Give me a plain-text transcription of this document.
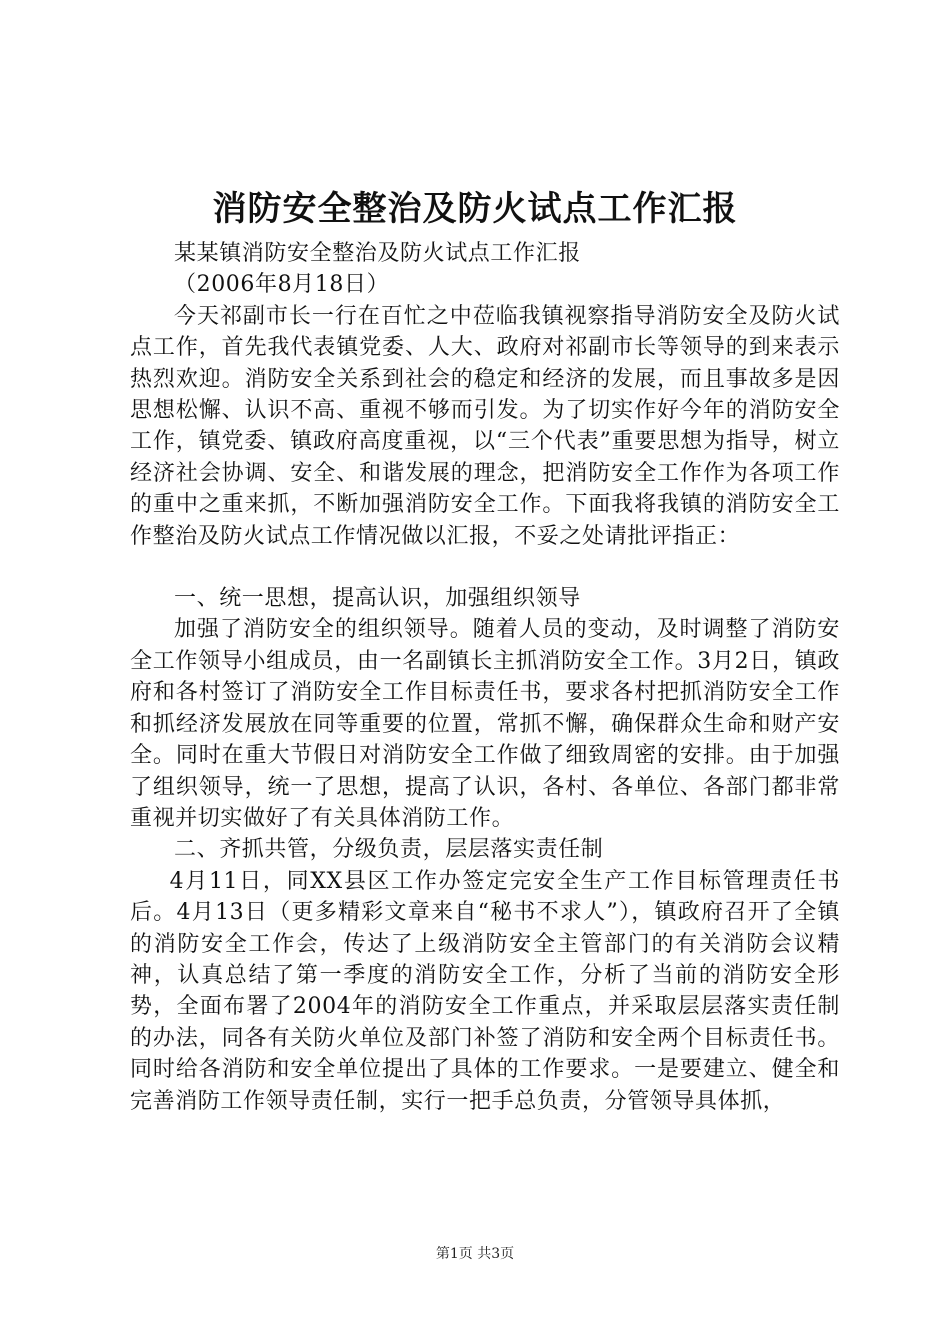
消防安全整治及防火试点工作汇报

某某镇消防安全整治及防火试点工作汇报

（2006年8月18日）

今天祁副市长一行在百忙之中莅临我镇视察指导消防安全及防火试点工作，首先我代表镇党委、人大、政府对祁副市长等领导的到来表示热烈欢迎。消防安全关系到社会的稳定和经济的发展，而且事故多是因思想松懈、认识不高、重视不够而引发。为了切实作好今年的消防安全工作，镇党委、镇政府高度重视，以“三个代表”重要思想为指导，树立经济社会协调、安全、和谐发展的理念，把消防安全工作作为各项工作的重中之重来抓，不断加强消防安全工作。下面我将我镇的消防安全工作整治及防火试点工作情况做以汇报，不妥之处请批评指正：

一、统一思想，提高认识，加强组织领导

加强了消防安全的组织领导。随着人员的变动，及时调整了消防安全工作领导小组成员，由一名副镇长主抓消防安全工作。3月2日，镇政府和各村签订了消防安全工作目标责任书，要求各村把抓消防安全工作和抓经济发展放在同等重要的位置，常抓不懈，确保群众生命和财产安全。同时在重大节假日对消防安全工作做了细致周密的安排。由于加强了组织领导，统一了思想，提高了认识，各村、各单位、各部门都非常重视并切实做好了有关具体消防工作。

二、齐抓共管，分级负责，层层落实责任制

4月11日，同XX县区工作办签定完安全生产工作目标管理责任书后。4月13日（更多精彩文章来自“秘书不求人”），镇政府召开了全镇的消防安全工作会，传达了上级消防安全主管部门的有关消防会议精神，认真总结了第一季度的消防安全工作，分析了当前的消防安全形势，全面布署了2004年的消防安全工作重点，并采取层层落实责任制的办法，同各有关防火单位及部门补签了消防和安全两个目标责任书。同时给各消防和安全单位提出了具体的工作要求。一是要建立、健全和完善消防工作领导责任制，实行一把手总负责，分管领导具体抓，

第1页 共3页
